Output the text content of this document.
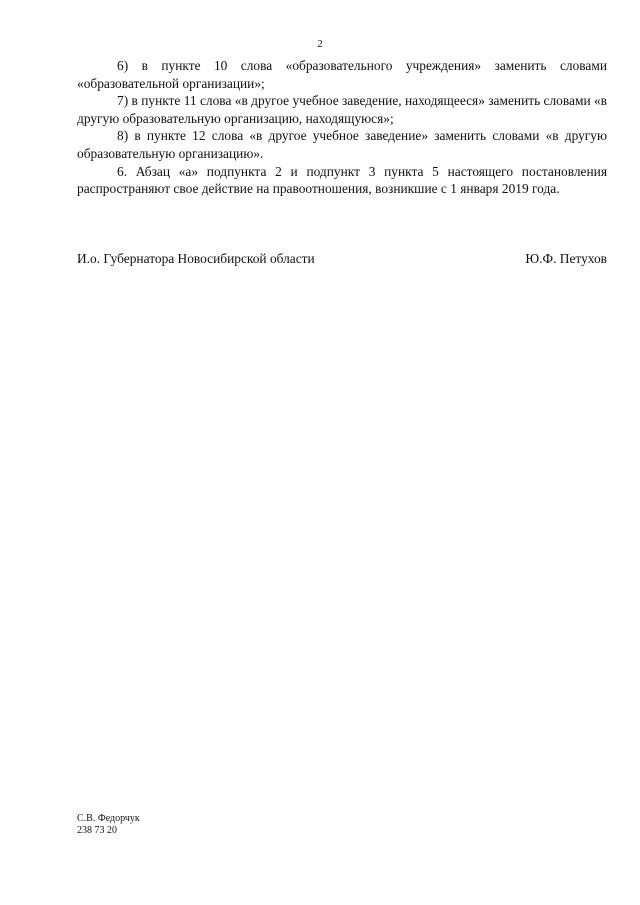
2

6) в пункте 10 слова «образовательного учреждения» заменить словами «образовательной организации»;

7) в пункте 11 слова «в другое учебное заведение, находящееся» заменить словами «в другую образовательную организацию, находящуюся»;

8) в пункте 12 слова «в другое учебное заведение» заменить словами «в другую образовательную организацию».

6. Абзац «а» подпункта 2 и подпункт 3 пункта 5 настоящего постановления распространяют свое действие на правоотношения, возникшие с 1 января 2019 года.

И.о. Губернатора Новосибирской области	Ю.Ф. Петухов
С.В. Федорчук
238 73 20
